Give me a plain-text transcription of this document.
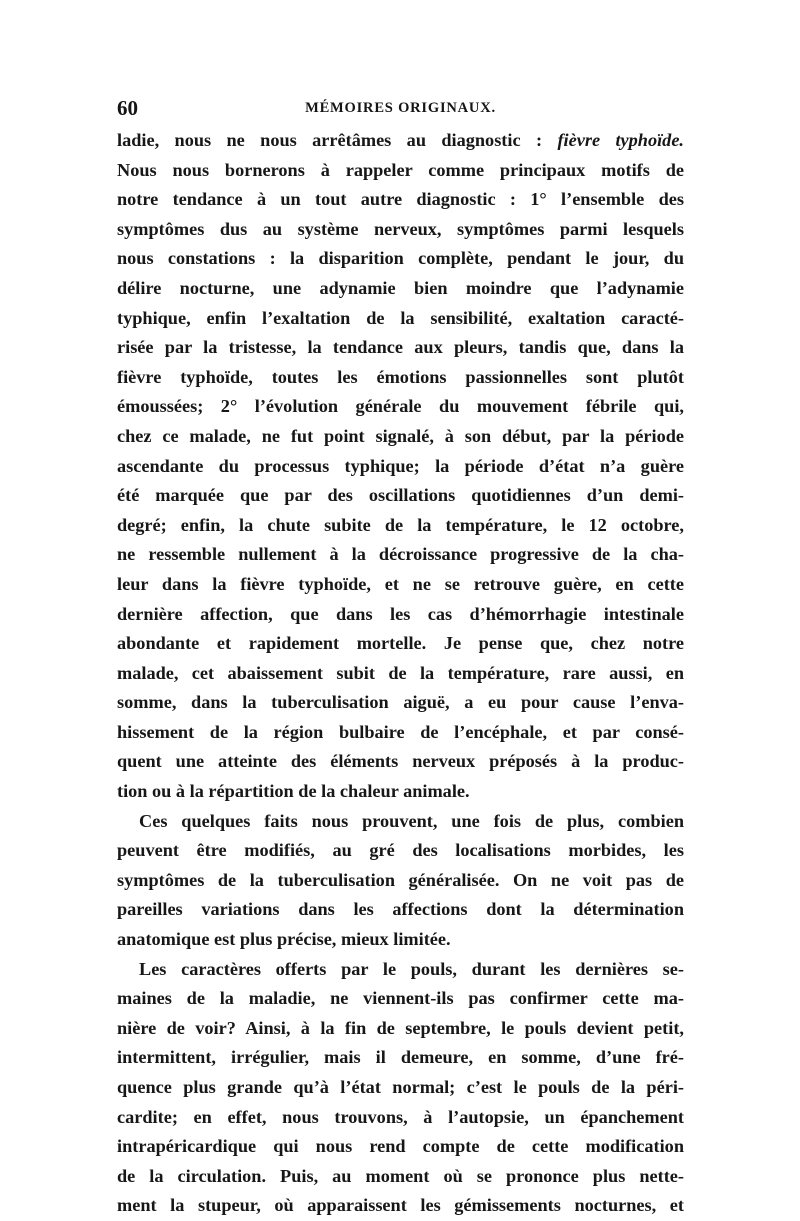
60	MÉMOIRES ORIGINAUX.
ladie, nous ne nous arrêtâmes au diagnostic : fièvre typhoïde.
Nous nous bornerons à rappeler comme principaux motifs de
notre tendance à un tout autre diagnostic : 1° l’ensemble des
symptômes dus au système nerveux, symptômes parmi lesquels
nous constations : la disparition complète, pendant le jour, du
délire nocturne, une adynamie bien moindre que l’adynamie
typhique, enfin l’exaltation de la sensibilité, exaltation caracté-
risée par la tristesse, la tendance aux pleurs, tandis que, dans la
fièvre typhoïde, toutes les émotions passionnelles sont plutôt
émoussées; 2° l’évolution générale du mouvement fébrile qui,
chez ce malade, ne fut point signalé, à son début, par la période
ascendante du processus typhique; la période d’état n’a guère
été marquée que par des oscillations quotidiennes d’un demi-
degré; enfin, la chute subite de la température, le 12 octobre,
ne ressemble nullement à la décroissance progressive de la cha-
leur dans la fièvre typhoïde, et ne se retrouve guère, en cette
dernière affection, que dans les cas d’hémorrhagie intestinale
abondante et rapidement mortelle. Je pense que, chez notre
malade, cet abaissement subit de la température, rare aussi, en
somme, dans la tuberculisation aiguë, a eu pour cause l’enva-
hissement de la région bulbaire de l’encéphale, et par consé-
quent une atteinte des éléments nerveux préposés à la produc-
tion ou à la répartition de la chaleur animale.
Ces quelques faits nous prouvent, une fois de plus, combien
peuvent être modifiés, au gré des localisations morbides, les
symptômes de la tuberculisation généralisée. On ne voit pas de
pareilles variations dans les affections dont la détermination
anatomique est plus précise, mieux limitée.
Les caractères offerts par le pouls, durant les dernières se-
maines de la maladie, ne viennent-ils pas confirmer cette ma-
nière de voir? Ainsi, à la fin de septembre, le pouls devient petit,
intermittent, irrégulier, mais il demeure, en somme, d’une fré-
quence plus grande qu’à l’état normal; c’est le pouls de la péri-
cardite; en effet, nous trouvons, à l’autopsie, un épanchement
intrapéricardique qui nous rend compte de cette modification
de la circulation. Puis, au moment où se prononce plus nette-
ment la stupeur, où apparaissent les gémissements nocturnes, et
